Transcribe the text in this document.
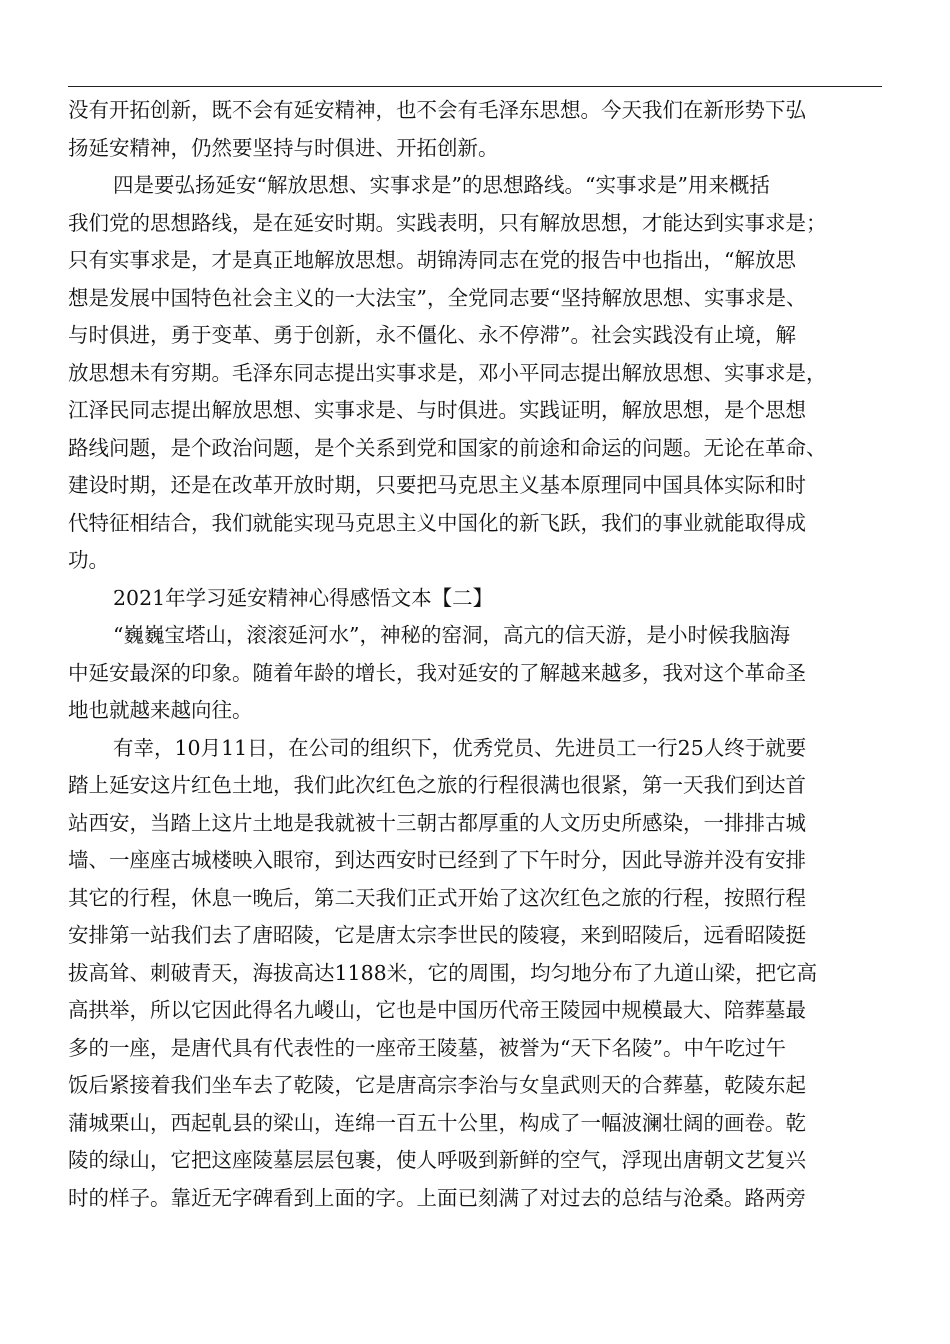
没有开拓创新，既不会有延安精神，也不会有毛泽东思想。今天我们在新形势下弘
扬延安精神，仍然要坚持与时俱进、开拓创新。
四是要弘扬延安“解放思想、实事求是”的思想路线。“实事求是”用来概括
我们党的思想路线，是在延安时期。实践表明，只有解放思想，才能达到实事求是；
只有实事求是，才是真正地解放思想。胡锦涛同志在党的报告中也指出，“解放思
想是发展中国特色社会主义的一大法宝”，全党同志要“坚持解放思想、实事求是、
与时俱进，勇于变革、勇于创新，永不僵化、永不停滞”。社会实践没有止境，解
放思想未有穷期。毛泽东同志提出实事求是，邓小平同志提出解放思想、实事求是，
江泽民同志提出解放思想、实事求是、与时俱进。实践证明，解放思想，是个思想
路线问题，是个政治问题，是个关系到党和国家的前途和命运的问题。无论在革命、
建设时期，还是在改革开放时期，只要把马克思主义基本原理同中国具体实际和时
代特征相结合，我们就能实现马克思主义中国化的新飞跃，我们的事业就能取得成
功。
2021年学习延安精神心得感悟文本【二】
“巍巍宝塔山，滚滚延河水”，神秘的窑洞，高亢的信天游，是小时候我脑海
中延安最深的印象。随着年龄的增长，我对延安的了解越来越多，我对这个革命圣
地也就越来越向往。
有幸，10月11日，在公司的组织下，优秀党员、先进员工一行25人终于就要
踏上延安这片红色土地，我们此次红色之旅的行程很满也很紧，第一天我们到达首
站西安，当踏上这片土地是我就被十三朝古都厚重的人文历史所感染，一排排古城
墙、一座座古城楼映入眼帘，到达西安时已经到了下午时分，因此导游并没有安排
其它的行程，休息一晚后，第二天我们正式开始了这次红色之旅的行程，按照行程
安排第一站我们去了唐昭陵，它是唐太宗李世民的陵寝，来到昭陵后，远看昭陵挺
拔高耸、刺破青天，海拔高达1188米，它的周围，均匀地分布了九道山梁，把它高
高拱举，所以它因此得名九嵕山，它也是中国历代帝王陵园中规模最大、陪葬墓最
多的一座，是唐代具有代表性的一座帝王陵墓，被誉为“天下名陵”。中午吃过午
饭后紧接着我们坐车去了乾陵，它是唐高宗李治与女皇武则天的合葬墓，乾陵东起
蒲城栗山，西起乹县的梁山，连绵一百五十公里，构成了一幅波澜壮阔的画卷。乾
陵的绿山，它把这座陵墓层层包裹，使人呼吸到新鲜的空气，浮现出唐朝文艺复兴
时的样子。靠近无字碑看到上面的字。上面已刻满了对过去的总结与沧桑。路两旁
